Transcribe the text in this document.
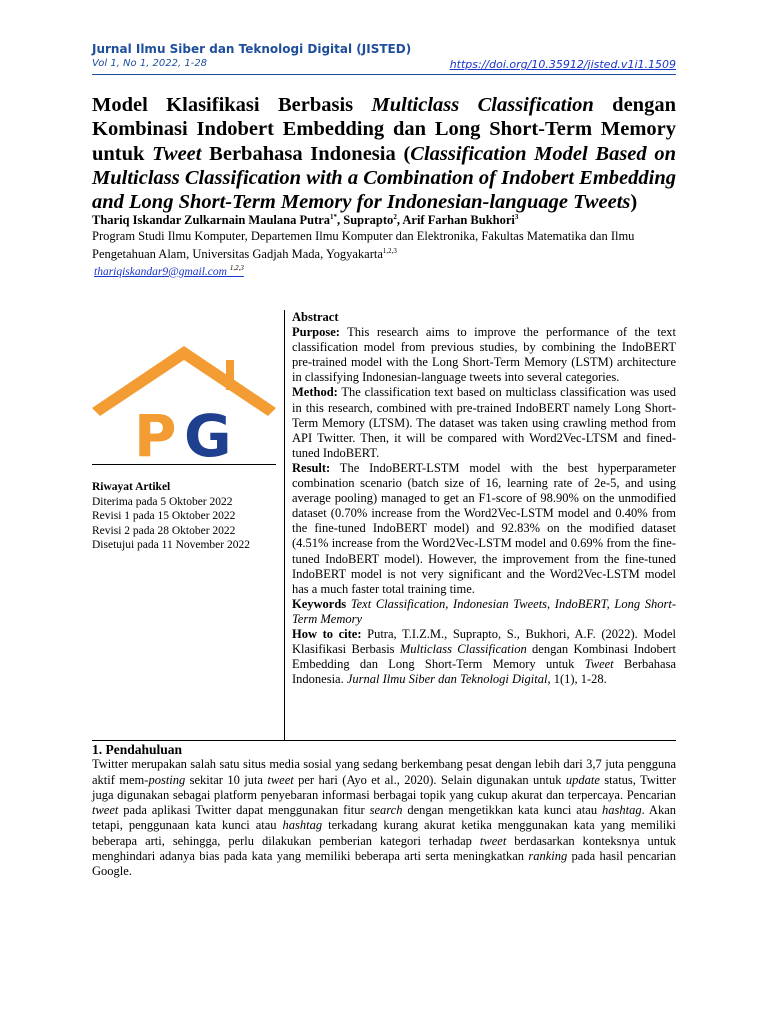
Jurnal Ilmu Siber dan Teknologi Digital (JISTED)
Vol 1, No 1, 2022, 1-28	https://doi.org/10.35912/jisted.v1i1.1509
Model Klasifikasi Berbasis Multiclass Classification dengan Kombinasi Indobert Embedding dan Long Short-Term Memory untuk Tweet Berbahasa Indonesia (Classification Model Based on Multiclass Classification with a Combination of Indobert Embedding and Long Short-Term Memory for Indonesian-language Tweets)
Thariq Iskandar Zulkarnain Maulana Putra$^{1*}$, Suprapto$^2$, Arif Farhan Bukhori$^3$
Program Studi Ilmu Komputer, Departemen Ilmu Komputer dan Elektronika, Fakultas Matematika dan Ilmu Pengetahuan Alam, Universitas Gadjah Mada, Yogyakarta$^{1,2,3}$
thariqiskandar9@gmail.com $^{1,2,3}$
P G
Riwayat Artikel
Diterima pada 5 Oktober 2022
Revisi 1 pada 15 Oktober 2022
Revisi 2 pada 28 Oktober 2022
Disetujui pada 11 November 2022
Abstract

Purpose: This research aims to improve the performance of the text classification model from previous studies, by combining the IndoBERT pre-trained model with the Long Short-Term Memory (LSTM) architecture in classifying Indonesian-language tweets into several categories.

Method: The classification text based on multiclass classification was used in this research, combined with pre-trained IndoBERT namely Long Short-Term Memory (LTSM). The dataset was taken using crawling method from API Twitter. Then, it will be compared with Word2Vec-LTSM and fined-tuned IndoBERT.

Result: The IndoBERT-LSTM model with the best hyperparameter combination scenario (batch size of 16, learning rate of 2e-5, and using average pooling) managed to get an F1-score of 98.90% on the unmodified dataset (0.70% increase from the Word2Vec-LSTM model and 0.40% from the fine-tuned IndoBERT model) and 92.83% on the modified dataset (4.51% increase from the Word2Vec-LSTM model and 0.69% from the fine-tuned IndoBERT model). However, the improvement from the fine-tuned IndoBERT model is not very significant and the Word2Vec-LSTM model has a much faster total training time.

Keywords Text Classification, Indonesian Tweets, IndoBERT, Long Short-Term Memory

How to cite: Putra, T.I.Z.M., Suprapto, S., Bukhori, A.F. (2022). Model Klasifikasi Berbasis Multiclass Classification dengan Kombinasi Indobert Embedding dan Long Short-Term Memory untuk Tweet Berbahasa Indonesia. Jurnal Ilmu Siber dan Teknologi Digital, 1(1), 1-28.

1. Pendahuluan

Twitter merupakan salah satu situs media sosial yang sedang berkembang pesat dengan lebih dari 3,7 juta pengguna aktif mem-posting sekitar 10 juta tweet per hari (Ayo et al., 2020). Selain digunakan untuk update status, Twitter juga digunakan sebagai platform penyebaran informasi berbagai topik yang cukup akurat dan terpercaya. Pencarian tweet pada aplikasi Twitter dapat menggunakan fitur search dengan mengetikkan kata kunci atau hashtag. Akan tetapi, penggunaan kata kunci atau hashtag terkadang kurang akurat ketika menggunakan kata yang memiliki beberapa arti, sehingga, perlu dilakukan pemberian kategori terhadap tweet berdasarkan konteksnya untuk menghindari adanya bias pada kata yang memiliki beberapa arti serta meningkatkan ranking pada hasil pencarian Google.
